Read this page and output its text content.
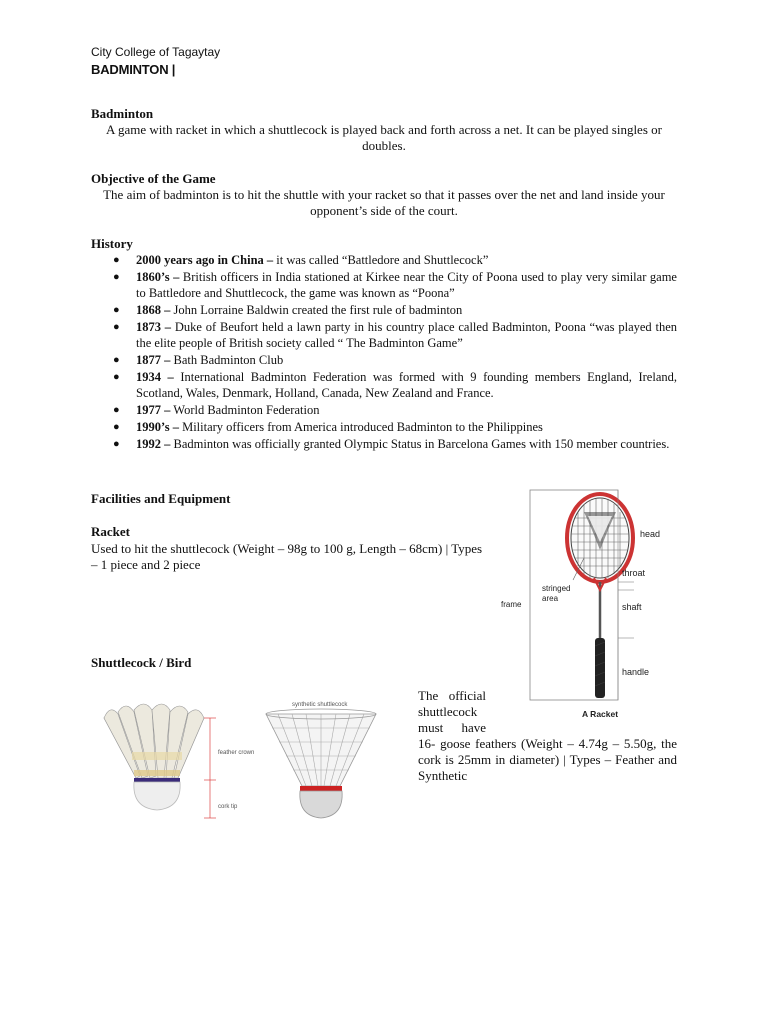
City College of Tagaytay
BADMINTON |
Badminton
A game with racket in which a shuttlecock is played back and forth across a net. It can be played singles or doubles.
Objective of the Game
The aim of badminton is to hit the shuttle with your racket so that it passes over the net and land inside your opponent’s side of the court.
History
● 2000 years ago in China – it was called “Battledore and Shuttlecock”
● 1860’s – British officers in India stationed at Kirkee near the City of Poona used to play very similar game to Battledore and Shuttlecock, the game was known as “Poona”
● 1868 – John Lorraine Baldwin created the first rule of badminton
● 1873 – Duke of Beufort held a lawn party in his country place called Badminton, Poona “was played then the elite people of British society called “ The Badminton Game”
● 1877 – Bath Badminton Club
● 1934 – International Badminton Federation was formed with 9 founding members England, Ireland, Scotland, Wales, Denmark, Holland, Canada, New Zealand and France.
● 1977 – World Badminton Federation
● 1990’s – Military officers from America introduced Badminton to the Philippines
● 1992 – Badminton was officially granted Olympic Status in Barcelona Games with 150 member countries.
Facilities and Equipment
Racket
Used to hit the shuttlecock (Weight – 98g to 100 g, Length – 68cm) | Types – 1 piece and 2 piece
head
throat
shaft
handle
stringed
area
frame
A Racket
Shuttlecock / Bird
feather crown
cork tip
synthetic shuttlecock
The official
shuttlecock
must have
16- goose feathers (Weight – 4.74g – 5.50g, the cork is 25mm in diameter) | Types – Feather and Synthetic
